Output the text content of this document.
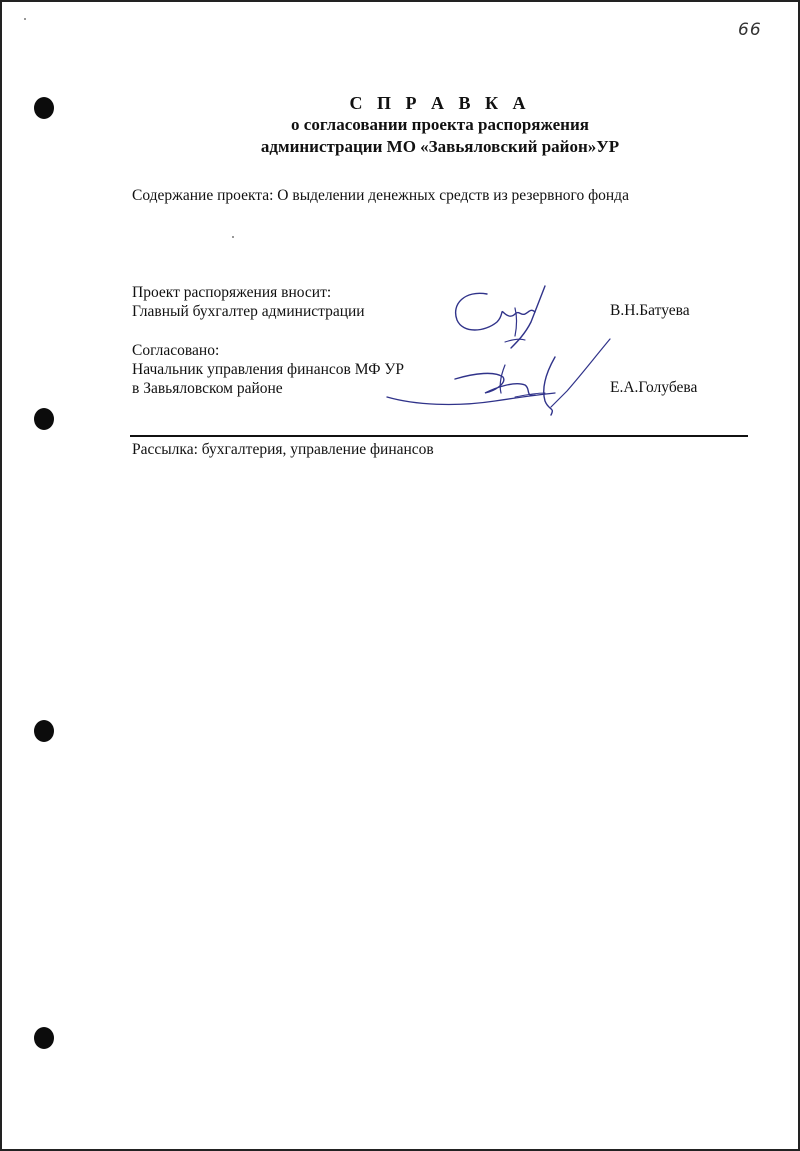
66
С П Р А В К А
о согласовании проекта распоряжения
администрации МО «Завьяловский район»УР
Содержание проекта: О выделении денежных средств из резервного фонда
Проект распоряжения вносит:
Главный бухгалтер администрации	В.Н.Батуева
Согласовано:
Начальник управления финансов МФ УР
в Завьяловском районе	Е.А.Голубева
Рассылка: бухгалтерия, управление финансов
